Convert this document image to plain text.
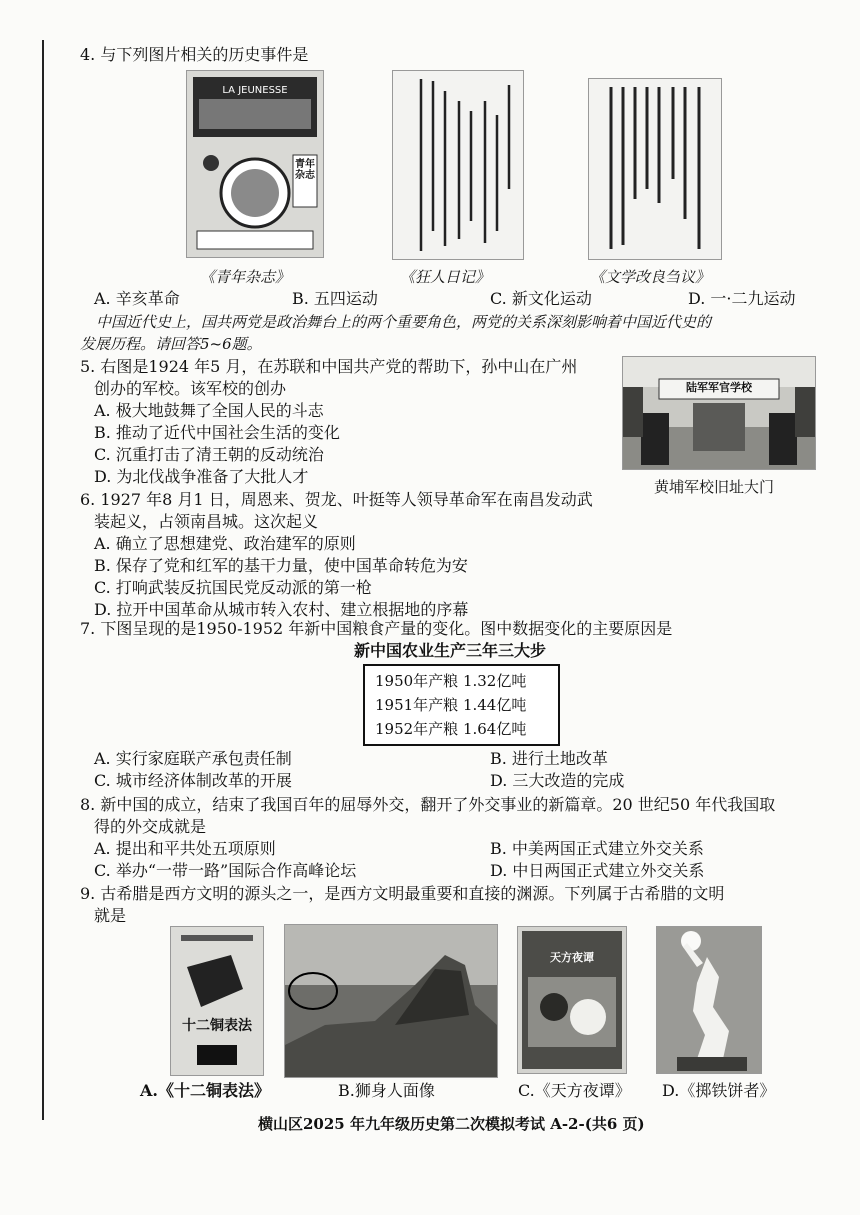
4. 与下列图片相关的历史事件是
LA JEUNESSE
青年杂志
《青年杂志》	《狂人日记》	《文学改良刍议》
A. 辛亥革命	B. 五四运动	C. 新文化运动	D. 一·二九运动
中国近代史上，国共两党是政治舞台上的两个重要角色，两党的关系深刻影响着中国近代史的
发展历程。请回答5~6题。
5. 右图是1924 年5 月，在苏联和中国共产党的帮助下，孙中山在广州
创办的军校。该军校的创办
A. 极大地鼓舞了全国人民的斗志
B. 推动了近代中国社会生活的变化
C. 沉重打击了清王朝的反动统治
D. 为北伐战争准备了大批人才
陆军军官学校
黄埔军校旧址大门
6. 1927 年8 月1 日，周恩来、贺龙、叶挺等人领导革命军在南昌发动武
装起义，占领南昌城。这次起义
A. 确立了思想建党、政治建军的原则
B. 保存了党和红军的基干力量，使中国革命转危为安
C. 打响武装反抗国民党反动派的第一枪
D. 拉开中国革命从城市转入农村、建立根据地的序幕
7. 下图呈现的是1950-1952 年新中国粮食产量的变化。图中数据变化的主要原因是
新中国农业生产三年三大步
1950年产粮 1.32亿吨
1951年产粮 1.44亿吨
1952年产粮 1.64亿吨
A. 实行家庭联产承包责任制	B. 进行土地改革
C. 城市经济体制改革的开展	D. 三大改造的完成
8. 新中国的成立，结束了我国百年的屈辱外交，翻开了外交事业的新篇章。20 世纪50 年代我国取
得的外交成就是
A. 提出和平共处五项原则	B. 中美两国正式建立外交关系
C. 举办“一带一路”国际合作高峰论坛	D. 中日两国正式建立外交关系
9. 古希腊是西方文明的源头之一，是西方文明最重要和直接的渊源。下列属于古希腊的文明
就是
十二铜表法
天方夜谭
A.《十二铜表法》	B.狮身人面像	C.《天方夜谭》 D.《掷铁饼者》
横山区2025 年九年级历史第二次模拟考试 A-2-(共6 页)
